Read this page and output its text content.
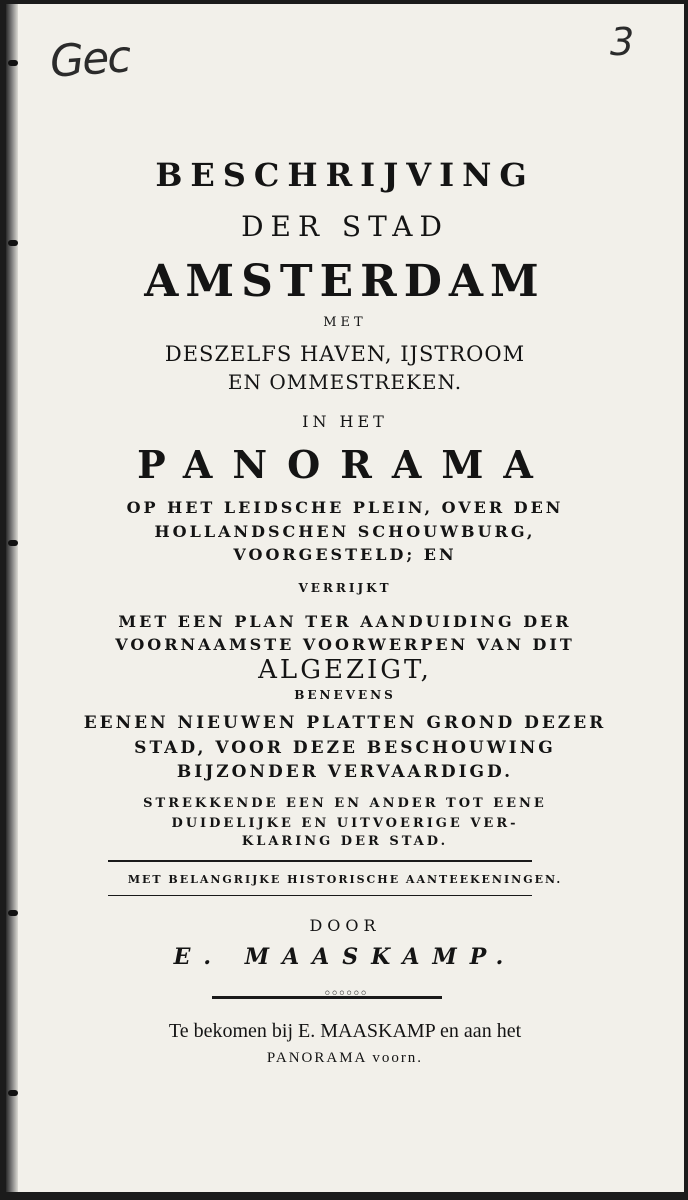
Gec	3
BESCHRIJVING
DER STAD
AMSTERDAM
MET
DESZELFS HAVEN, IJSTROOM
EN OMMESTREKEN.
IN HET
PANORAMA
OP HET LEIDSCHE PLEIN, OVER DEN
HOLLANDSCHEN SCHOUWBURG,
VOORGESTELD; EN
VERRIJKT
MET EEN PLAN TER AANDUIDING DER
VOORNAAMSTE VOORWERPEN VAN DIT
ALGEZIGT,
BENEVENS
EENEN NIEUWEN PLATTEN GROND DEZER
STAD, VOOR DEZE BESCHOUWING
BIJZONDER VERVAARDIGD.
STREKKENDE EEN EN ANDER TOT EENE
DUIDELIJKE EN UITVOERIGE VER-
KLARING DER STAD.
MET BELANGRIJKE HISTORISCHE AANTEEKENINGEN.
DOOR
E. MAASKAMP.
◦◦◦◦◦◦
Te bekomen bij E. MAASKAMP en aan het
PANORAMA voorn.
